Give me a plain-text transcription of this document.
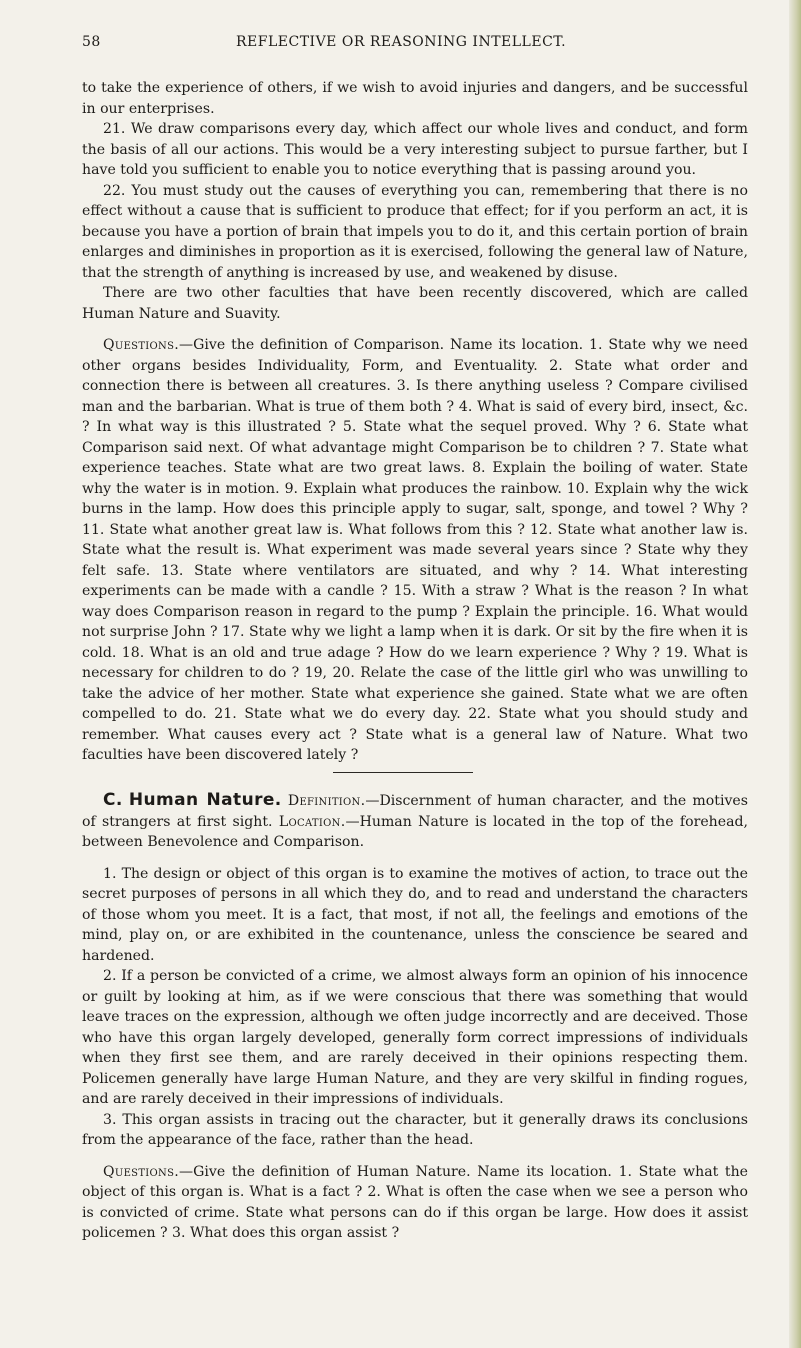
58	REFLECTIVE OR REASONING INTELLECT.

to take the experience of others, if we wish to avoid injuries and dangers, and be successful in our enterprises.

21. We draw comparisons every day, which affect our whole lives and conduct, and form the basis of all our actions. This would be a very interesting subject to pursue farther, but I have told you sufficient to enable you to notice everything that is passing around you.

22. You must study out the causes of everything you can, remembering that there is no effect without a cause that is sufficient to produce that effect; for if you perform an act, it is because you have a portion of brain that impels you to do it, and this certain portion of brain enlarges and diminishes in proportion as it is exercised, following the general law of Nature, that the strength of anything is increased by use, and weakened by disuse.

There are two other faculties that have been recently discovered, which are called Human Nature and Suavity.

Questions.—Give the definition of Comparison. Name its location. 1. State why we need other organs besides Individuality, Form, and Eventuality. 2. State what order and connection there is between all creatures. 3. Is there anything useless ? Compare civilised man and the barbarian. What is true of them both ? 4. What is said of every bird, insect, &c. ? In what way is this illustrated ? 5. State what the sequel proved. Why ? 6. State what Comparison said next. Of what advantage might Comparison be to children ? 7. State what experience teaches. State what are two great laws. 8. Explain the boiling of water. State why the water is in motion. 9. Explain what produces the rainbow. 10. Explain why the wick burns in the lamp. How does this principle apply to sugar, salt, sponge, and towel ? Why ? 11. State what another great law is. What follows from this ? 12. State what another law is. State what the result is. What experiment was made several years since ? State why they felt safe. 13. State where ventilators are situated, and why ? 14. What interesting experiments can be made with a candle ? 15. With a straw ? What is the reason ? In what way does Comparison reason in regard to the pump ? Explain the principle. 16. What would not surprise John ? 17. State why we light a lamp when it is dark. Or sit by the fire when it is cold. 18. What is an old and true adage ? How do we learn experience ? Why ? 19. What is necessary for children to do ? 19, 20. Relate the case of the little girl who was unwilling to take the advice of her mother. State what experience she gained. State what we are often compelled to do. 21. State what we do every day. 22. State what you should study and remember. What causes every act ? State what is a general law of Nature. What two faculties have been discovered lately ?

C. Human Nature. Definition.—Discernment of human character, and the motives of strangers at first sight. Location.—Human Nature is located in the top of the forehead, between Benevolence and Comparison.

1. The design or object of this organ is to examine the motives of action, to trace out the secret purposes of persons in all which they do, and to read and understand the characters of those whom you meet. It is a fact, that most, if not all, the feelings and emotions of the mind, play on, or are exhibited in the countenance, unless the conscience be seared and hardened.

2. If a person be convicted of a crime, we almost always form an opinion of his innocence or guilt by looking at him, as if we were conscious that there was something that would leave traces on the expression, although we often judge incorrectly and are deceived. Those who have this organ largely developed, generally form correct impressions of individuals when they first see them, and are rarely deceived in their opinions respecting them. Policemen generally have large Human Nature, and they are very skilful in finding rogues, and are rarely deceived in their impressions of individuals.

3. This organ assists in tracing out the character, but it generally draws its conclusions from the appearance of the face, rather than the head.

Questions.—Give the definition of Human Nature. Name its location. 1. State what the object of this organ is. What is a fact ? 2. What is often the case when we see a person who is convicted of crime. State what persons can do if this organ be large. How does it assist policemen ? 3. What does this organ assist ?
